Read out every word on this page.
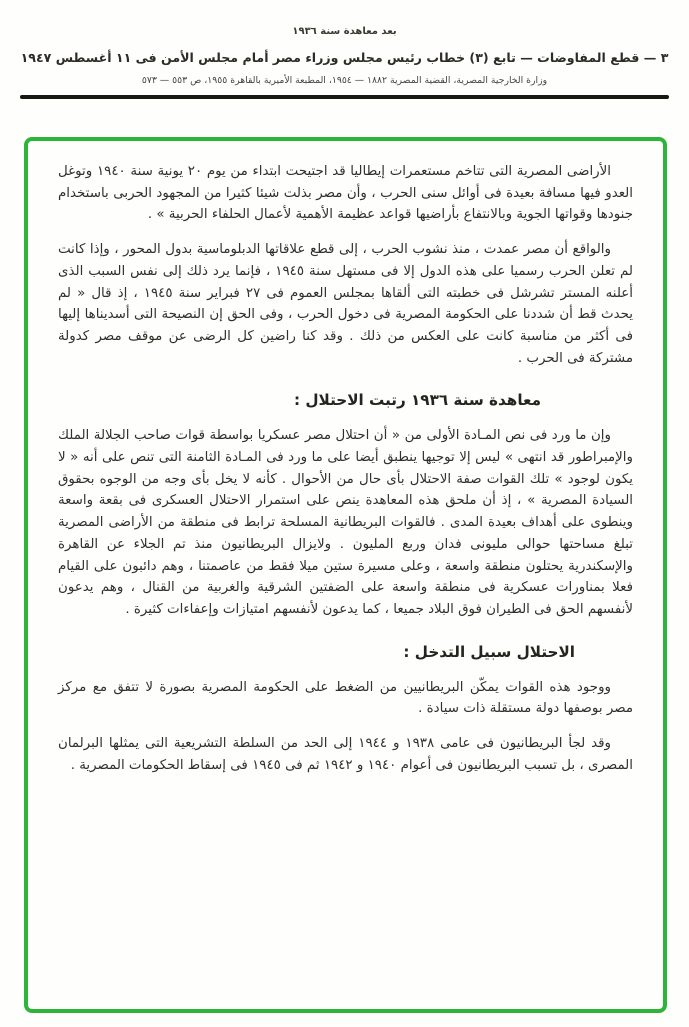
بعد معاهدة سنة ١٩٣٦
٣ — قطع المفاوضات — تابع (٣) خطاب رئيس مجلس وزراء مصر أمام مجلس الأمن فى ١١ أغسطس ١٩٤٧
وزارة الخارجية المصرية، القضية المصرية ١٨٨٢ — ١٩٥٤، المطبعة الأميرية بالقاهرة ١٩٥٥، ص ٥٥٣ — ٥٧٣
الأراضى المصرية التى تتاخم مستعمرات إيطاليا قد اجتيحت ابتداء من يوم ٢٠ يونية سنة ١٩٤٠ وتوغل العدو فيها مسافة بعيدة فى أوائل سنى الحرب ، وأن مصر بذلت شيئا كثيرا من المجهود الحربى باستخدام جنودها وقواتها الجوية وبالانتفاع بأراضيها قواعد عظيمة الأهمية لأعمال الحلفاء الحربية » .
والواقع أن مصر عمدت ، منذ نشوب الحرب ، إلى قطع علاقاتها الدبلوماسية بدول المحور ، وإذا كانت لم تعلن الحرب رسميا على هذه الدول إلا فى مستهل سنة ١٩٤٥ ، فإنما يرد ذلك إلى نفس السبب الذى أعلنه المستر تشرشل فى خطبته التى ألقاها بمجلس العموم فى ٢٧ فبراير سنة ١٩٤٥ ، إذ قال « لم يحدث قط أن شددنا على الحكومة المصرية فى دخول الحرب ، وفى الحق إن النصيحة التى أسديناها إليها فى أكثر من مناسبة كانت على العكس من ذلك . وقد كنا راضين كل الرضى عن موقف مصر كدولة مشتركة فى الحرب .
معاهدة سنة ١٩٣٦ رتبت الاحتلال :
وإن ما ورد فى نص المـادة الأولى من « أن احتلال مصر عسكريا بواسطة قوات صاحب الجلالة الملك والإمبراطور قد انتهى » ليس إلا توجيها ينطبق أيضا على ما ورد فى المـادة الثامنة التى تنص على أنه « لا يكون لوجود » تلك القوات صفة الاحتلال بأى حال من الأحوال . كأنه لا يخل بأى وجه من الوجوه بحقوق السيادة المصرية » ، إذ أن ملحق هذه المعاهدة ينص على استمرار الاحتلال العسكرى فى بقعة واسعة وينطوى على أهداف بعيدة المدى . فالقوات البريطانية المسلحة ترابط فى منطقة من الأراضى المصرية تبلغ مساحتها حوالى مليونى فدان وربع المليون . ولايزال البريطانيون منذ تم الجلاء عن القاهرة والإسكندرية يحتلون منطقة واسعة ، وعلى مسيرة ستين ميلا فقط من عاصمتنا ، وهم دائبون على القيام فعلا بمناورات عسكرية فى منطقة واسعة على الضفتين الشرقية والغربية من القنال ، وهم يدعون لأنفسهم الحق فى الطيران فوق البلاد جميعا ، كما يدعون لأنفسهم امتيازات وإعفاءات كثيرة .
الاحتلال سبيل التدخل :
ووجود هذه القوات يمكّن البريطانيين من الضغط على الحكومة المصرية بصورة لا تتفق مع مركز مصر بوصفها دولة مستقلة ذات سيادة .
وقد لجأ البريطانيون فى عامى ١٩٣٨ و ١٩٤٤ إلى الحد من السلطة التشريعية التى يمثلها البرلمان المصرى ، بل تسبب البريطانيون فى أعوام ١٩٤٠ و ١٩٤٢ ثم فى ١٩٤٥ فى إسقاط الحكومات المصرية .
